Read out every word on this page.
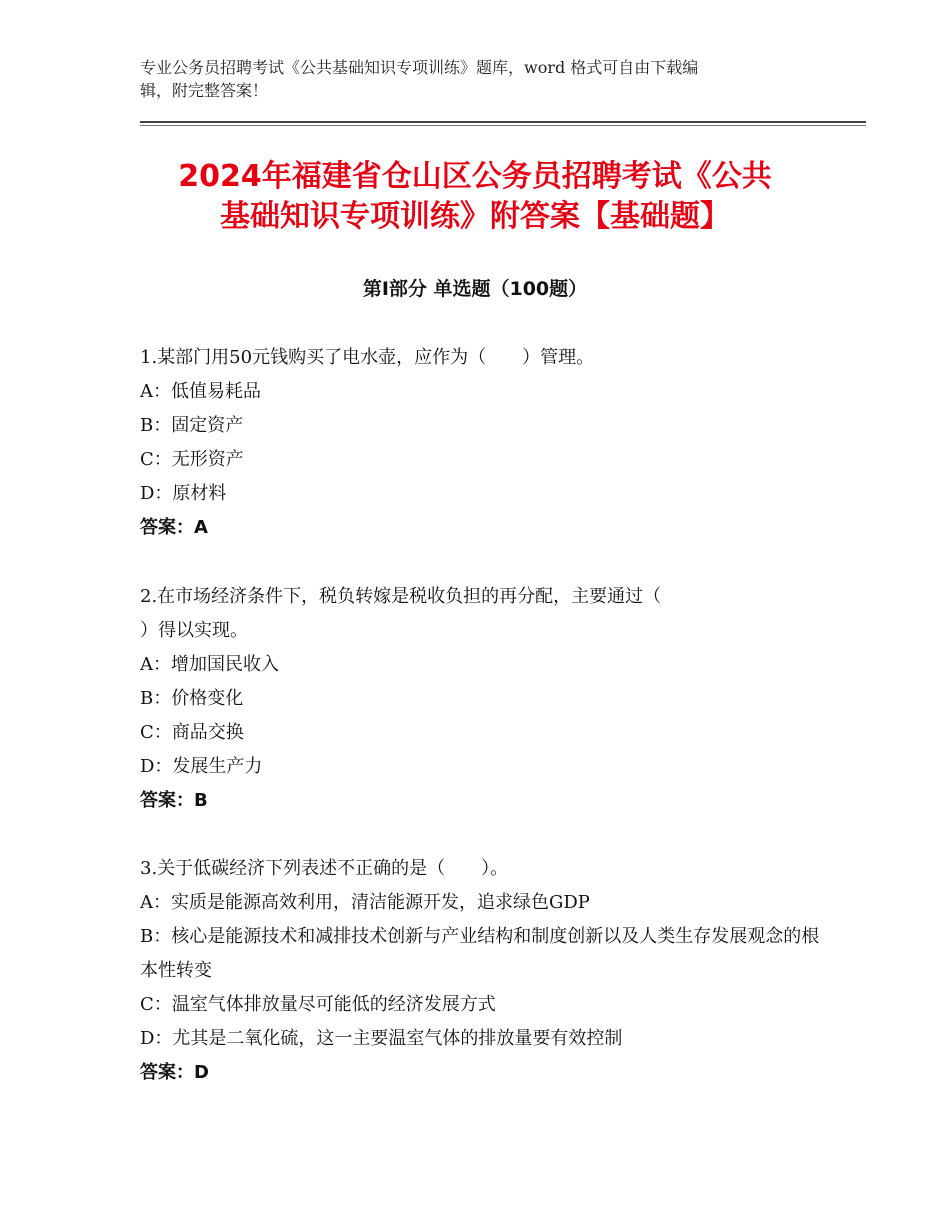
专业公务员招聘考试《公共基础知识专项训练》题库，word 格式可自由下载编
辑，附完整答案！
2024年福建省仓山区公务员招聘考试《公共
基础知识专项训练》附答案【基础题】
第Ⅰ部分 单选题（100题）
1.某部门用50元钱购买了电水壶，应作为（　　）管理。
A：低值易耗品
B：固定资产
C：无形资产
D：原材料
答案：A
2.在市场经济条件下，税负转嫁是税收负担的再分配，主要通过（
）得以实现。
A：增加国民收入
B：价格变化
C：商品交换
D：发展生产力
答案：B
3.关于低碳经济下列表述不正确的是（　　）。
A：实质是能源高效利用，清洁能源开发，追求绿色GDP
B：核心是能源技术和减排技术创新与产业结构和制度创新以及人类生存发展观念的根本性转变
C：温室气体排放量尽可能低的经济发展方式
D：尤其是二氧化硫，这一主要温室气体的排放量要有效控制
答案：D
